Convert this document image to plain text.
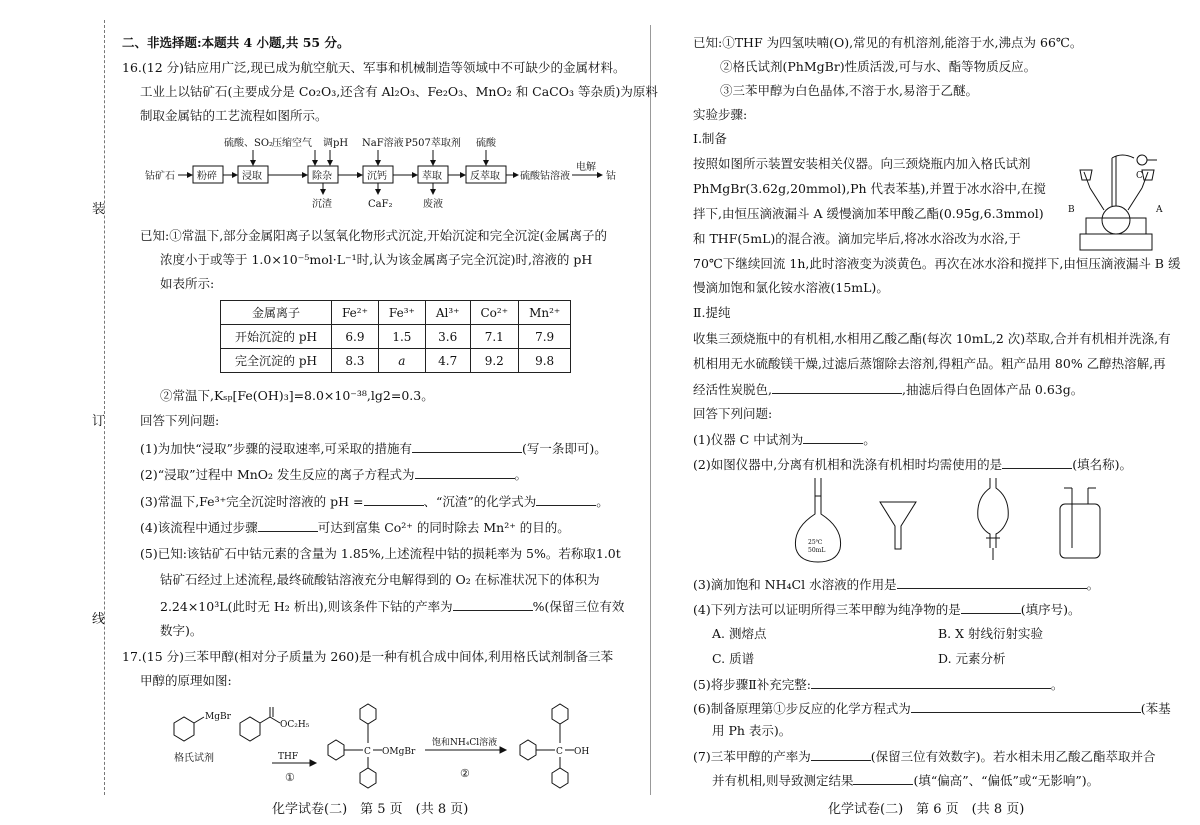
装
订
线
二、非选择题:本题共 4 小题,共 55 分。
16.(12 分)钴应用广泛,现已成为航空航天、军事和机械制造等领域中不可缺少的金属材料。
工业上以钴矿石(主要成分是 Co₂O₃,还含有 Al₂O₃、Fe₂O₃、MnO₂ 和 CaCO₃ 等杂质)为原料
制取金属钴的工艺流程如图所示。
钴矿石 粉碎	浸取	除杂	沉钙	萃取	反萃取 硫酸钴溶液
电解
钴
硫酸、SO₂
压缩空气 调pH NaF溶液 P507萃取剂 硫酸
沉渣	CaF₂	废液
已知:①常温下,部分金属阳离子以氢氧化物形式沉淀,开始沉淀和完全沉淀(金属离子的
浓度小于或等于 1.0×10⁻⁵mol·L⁻¹时,认为该金属离子完全沉淀)时,溶液的 pH
如表所示:
金属离子	Fe²⁺	Fe³⁺	Al³⁺	Co²⁺	Mn²⁺
开始沉淀的 pH	6.9	1.5	3.6	7.1	7.9
完全沉淀的 pH	8.3	a	4.7	9.2	9.8
②常温下,Kₛₚ[Fe(OH)₃]=8.0×10⁻³⁸,lg2=0.3。
回答下列问题:
(1)为加快“浸取”步骤的浸取速率,可采取的措施有	(写一条即可)。
(2)“浸取”过程中 MnO₂ 发生反应的离子方程式为	。
(3)常温下,Fe³⁺完全沉淀时溶液的 pH =	、“沉渣”的化学式为	。
(4)该流程中通过步骤	可达到富集 Co²⁺ 的同时除去 Mn²⁺ 的目的。
(5)已知:该钴矿石中钴元素的含量为 1.85%,上述流程中钴的损耗率为 5%。若称取1.0t
钴矿石经过上述流程,最终硫酸钴溶液充分电解得到的 O₂ 在标准状况下的体积为
2.24×10³L(此时无 H₂ 析出),则该条件下钴的产率为	%(保留三位有效
数字)。
17.(15 分)三苯甲醇(相对分子质量为 260)是一种有机合成中间体,利用格氏试剂制备三苯
甲醇的原理如图:
MgBr
格氏试剂
OC₂H₅
THF
①
C OMgBr
饱和NH₄Cl溶液
②
C OH
化学试卷(二)　第 5 页　(共 8 页)
已知:①THF 为四氢呋喃(O),常见的有机溶剂,能溶于水,沸点为 66℃。
②格氏试剂(PhMgBr)性质活泼,可与水、酯等物质反应。
③三苯甲醇为白色晶体,不溶于水,易溶于乙醚。
实验步骤:
Ⅰ.制备
按照如图所示装置安装相关仪器。向三颈烧瓶内加入格氏试剂
PhMgBr(3.62g,20mmol),Ph 代表苯基),并置于冰水浴中,在搅
拌下,由恒压滴液漏斗 A 缓慢滴加苯甲酸乙酯(0.95g,6.3mmol)
和 THF(5mL)的混合液。滴加完毕后,将冰水浴改为水浴,于
70℃下继续回流 1h,此时溶液变为淡黄色。再次在冰水浴和搅拌下,由恒压滴液漏斗 B 缓
慢滴加饱和氯化铵水溶液(15mL)。
C
B	A
Ⅱ.提纯
收集三颈烧瓶中的有机相,水相用乙酸乙酯(每次 10mL,2 次)萃取,合并有机相并洗涤,有
机相用无水硫酸镁干燥,过滤后蒸馏除去溶剂,得粗产品。粗产品用 80% 乙醇热溶解,再
经活性炭脱色,	,抽滤后得白色固体产品 0.63g。
回答下列问题:
(1)仪器 C 中试剂为	。
(2)如图仪器中,分离有机相和洗涤有机相时均需使用的是	(填名称)。
25℃
50mL
(3)滴加饱和 NH₄Cl 水溶液的作用是	。
(4)下列方法可以证明所得三苯甲醇为纯净物的是	(填序号)。
A. 测熔点	B. X 射线衍射实验
C. 质谱	D. 元素分析
(5)将步骤Ⅱ补充完整:	。
(6)制备原理第①步反应的化学方程式为	(苯基
用 Ph 表示)。
(7)三苯甲醇的产率为	(保留三位有效数字)。若水相未用乙酸乙酯萃取并合
并有机相,则导致测定结果	(填“偏高”、“偏低”或“无影响”)。
化学试卷(二)　第 6 页　(共 8 页)
